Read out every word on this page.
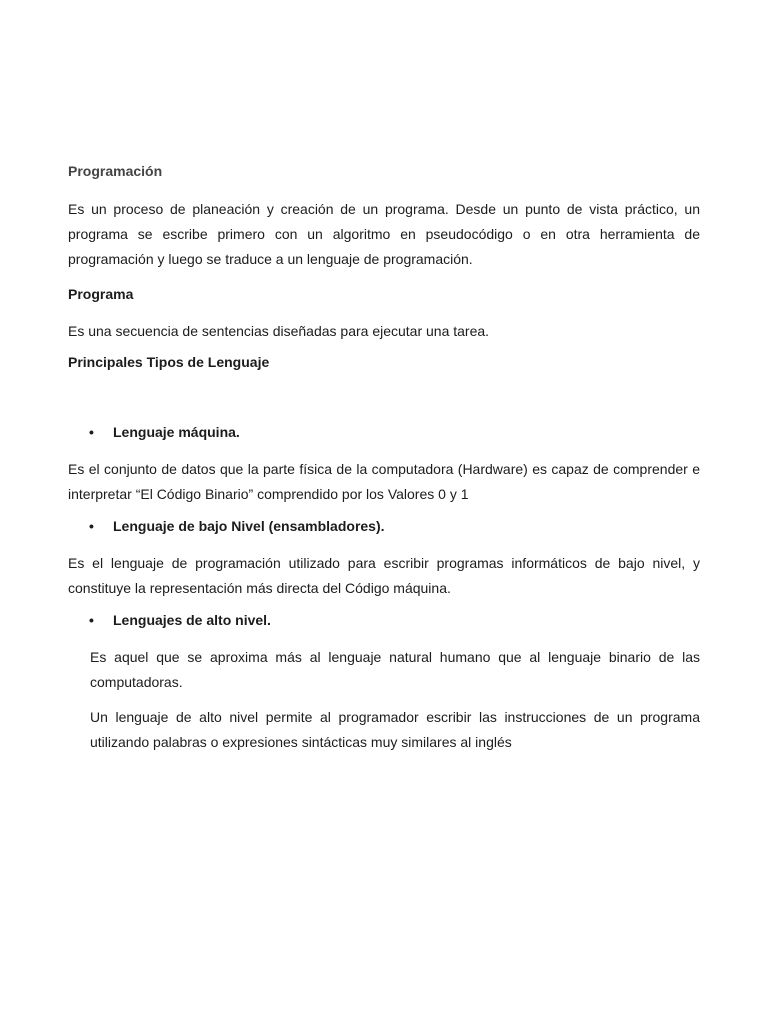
Programación

Es un proceso de planeación y creación de un programa. Desde un punto de vista práctico, un programa se escribe primero con un algoritmo en pseudocódigo o en otra herramienta de programación y luego se traduce a un lenguaje de programación.

Programa

Es una secuencia de sentencias diseñadas para ejecutar una tarea.

Principales Tipos de Lenguaje

• Lenguaje máquina.

Es el conjunto de datos que la parte física de la computadora (Hardware) es capaz de comprender e interpretar “El Código Binario” comprendido por los Valores 0 y 1

• Lenguaje de bajo Nivel (ensambladores).

Es el lenguaje de programación utilizado para escribir programas informáticos de bajo nivel, y constituye la representación más directa del Código máquina.

• Lenguajes de alto nivel.

Es aquel que se aproxima más al lenguaje natural humano que al lenguaje binario de las computadoras.

Un lenguaje de alto nivel permite al programador escribir las instrucciones de un programa utilizando palabras o expresiones sintácticas muy similares al inglés
